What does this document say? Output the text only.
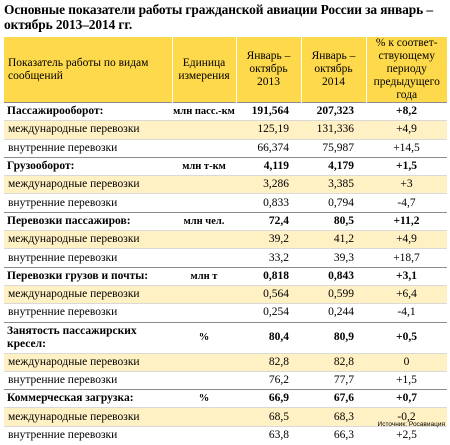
Основные показатели работы гражданской авиации России за январь – октябрь 2013–2014 гг.
Показатель работы по видам сообщений	Единица измерения	Январь – октябрь 2013	Январь – октябрь 2014	% к соответ-ствующему периоду предыдущего года
Пассажирооборот:	млн пасс.-км	191,564	207,323	+8,2
международные перевозки		125,19	131,336	+4,9
внутренние перевозки		66,374	75,987	+14,5
Грузооборот:	млн т-км	4,119	4,179	+1,5
международные перевозки		3,286	3,385	+3
внутренние перевозки		0,833	0,794	-4,7
Перевозки пассажиров:	млн чел.	72,4	80,5	+11,2
международные перевозки		39,2	41,2	+4,9
внутренние перевозки		33,2	39,3	+18,7
Перевозки грузов и почты:	млн т	0,818	0,843	+3,1
международные перевозки		0,564	0,599	+6,4
внутренние перевозки		0,254	0,244	-4,1
Занятость пассажирских кресел:	%	80,4	80,9	+0,5
международные перевозки		82,8	82,8	0
внутренние перевозки		76,2	77,7	+1,5
Коммерческая загрузка:	%	66,9	67,6	+0,7
международные перевозки		68,5	68,3	-0,2
внутренние перевозки		63,8	66,3	+2,5
Источник: Росавиация
